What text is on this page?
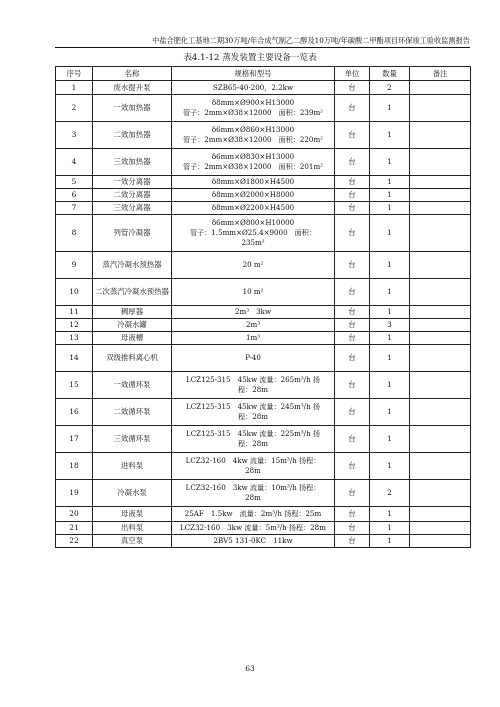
中盐合肥化工基地二期30万吨/年合成气制乙二醇及10万吨/年碳酸二甲酯项目环保竣工验收监测报告
表4.1-12 蒸发装置主要设备一览表
序号	名称	规格和型号	单位	数量	备注
1	废水提升泵	SZB65-40-200，2.2kw	台	2	
2	一效加热器	δ8mm×Ø900×H13000
管子：2mm×Ø38×12000　面积：239m²	台	1	
3	二效加热器	δ6mm×Ø860×H13000
管子：2mm×Ø38×12000　面积：220m²	台	1	
4	三效加热器	δ6mm×Ø830×H13000
管子：2mm×Ø38×12000　面积：201m²	台	1	
5	一效分离器	δ8mm×Ø1800×H4500	台	1	
6	二效分离器	δ8mm×Ø2000×H8000	台	1	
7	三效分离器	δ8mm×Ø2200×H4500	台	1	
8	列管冷凝器	δ6mm×Ø800×H10000
管子：1.5mm×Ø25.4×9000　面积：
235m²	台	1	
9	蒸汽冷凝水预热器	20 m²	台	1	
10	二次蒸汽冷凝水预热器	10 m²	台	1	
11	稠厚器	2m³　3kw	台	1	
12	冷凝水罐	2m³	台	3	
13	母液槽	1m³	台	1	
14	双级推料离心机	P-40	台	1	
15	一效循环泵	LCZ125-315　45kw 流量：265m³/h 扬
程：28m	台	1	
16	二效循环泵	LCZ125-315　45kw 流量：245m³/h 扬
程：28m	台	1	
17	三效循环泵	LCZ125-315　45kw 流量：225m³/h 扬
程：28m	台	1	
18	进料泵	LCZ32-160　4kw 流量：15m³/h 扬程：
28m	台	1	
19	冷凝水泵	LCZ32-160　3kw 流量：10m³/h 扬程：
28m	台	2	
20	母液泵	25AF　1.5kw　流量：2m³/h 扬程：25m	台	1	
21	出料泵	LCZ32-160　3kw 流量：5m³/h 扬程：28m	台	1	
22	真空泵	2BV5 131-0KC　11kw	台	1	
63
